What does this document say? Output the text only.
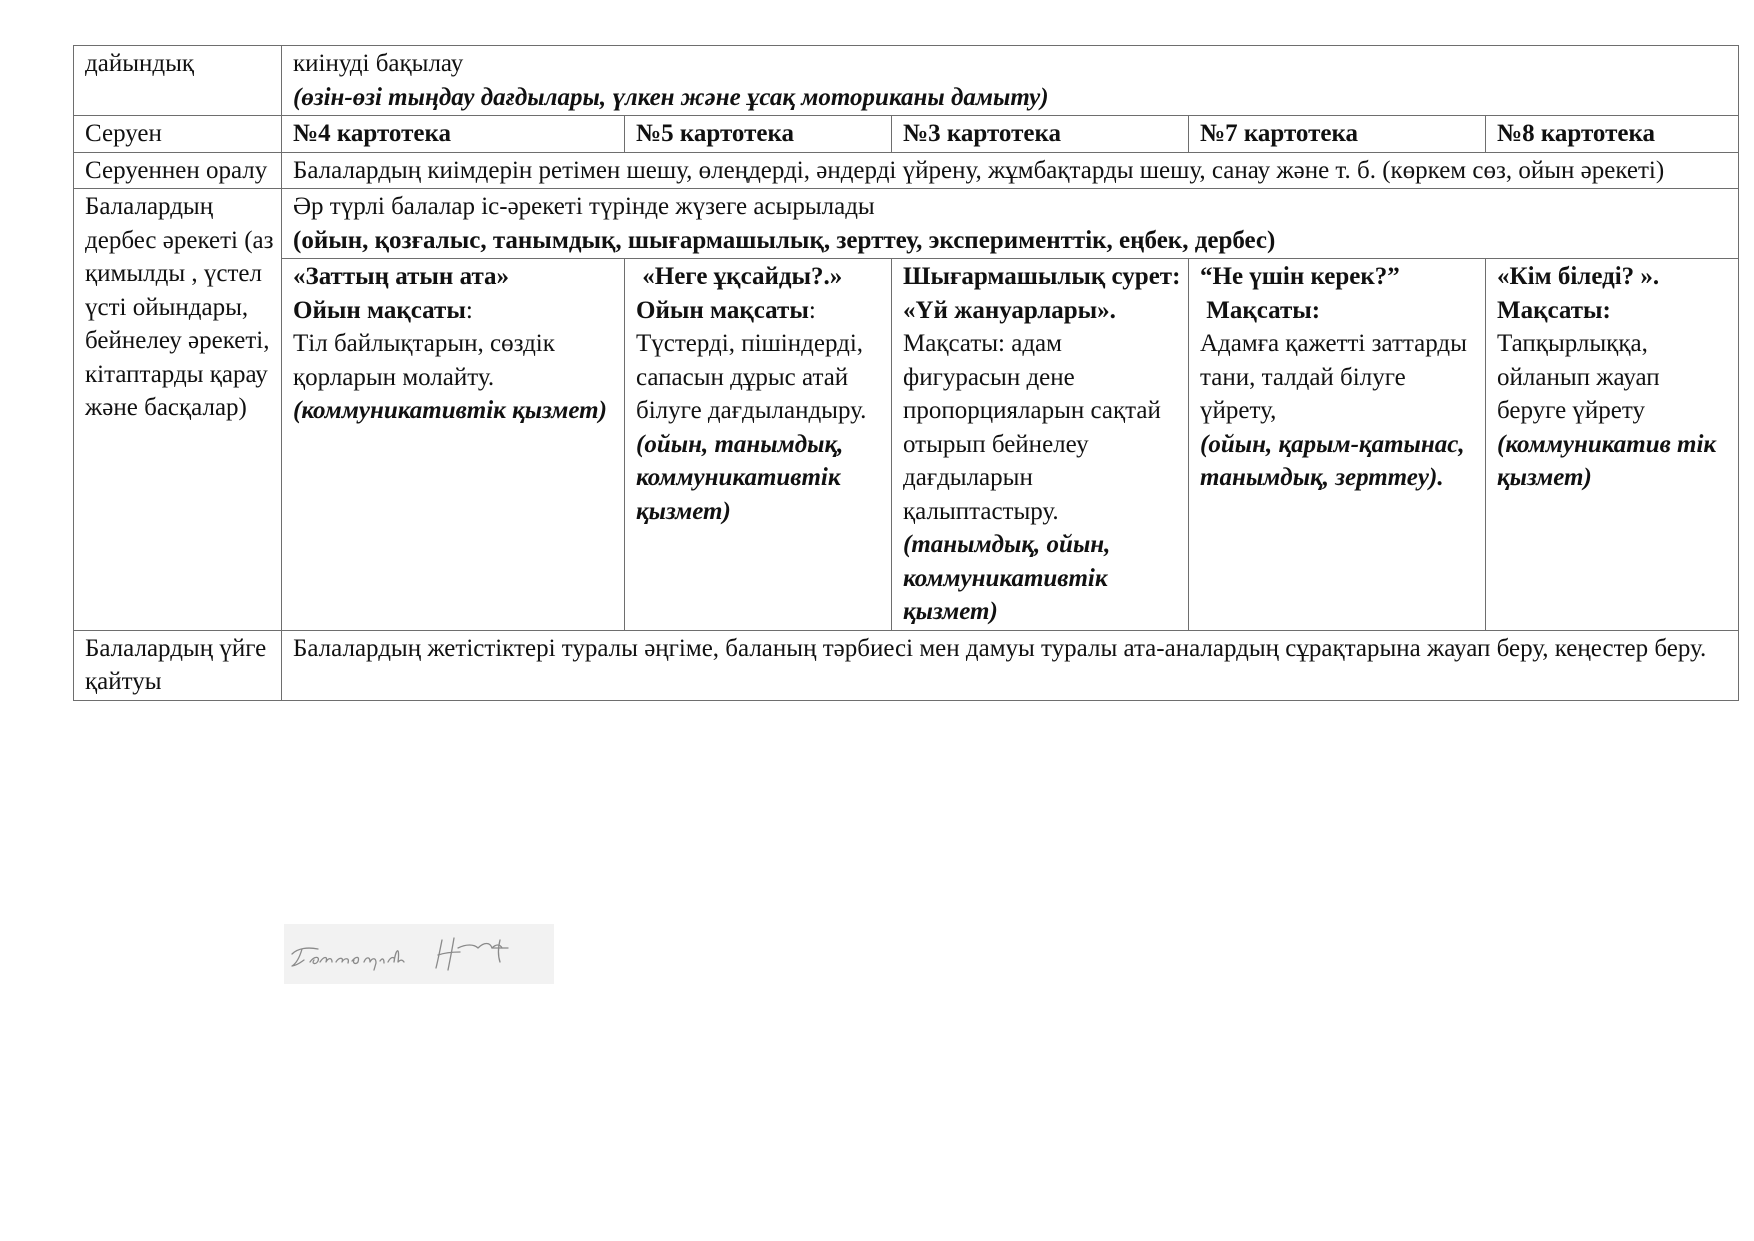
дайындық	киінуді бақылау
(өзін-өзі тыңдау дағдылары, үлкен және ұсақ моториканы дамыту)				

Серуен	№4 картотека	№5 картотека	№3 картотека	№7 картотека	№8 картотека
Серуеннен оралу	Балалардың киімдерін ретімен шешу, өлеңдерді, әндерді үйрену, жұмбақтарды шешу, санау және т. б. (көркем сөз, ойын әрекеті)				
Балалардың дербес әрекеті (аз қимылды , үстел үсті ойындары, бейнелеу әрекеті, кітаптарды қарау және басқалар)	Әр түрлі балалар іс-әрекеті түрінде жүзеге асырылады
(ойын, қозғалыс, танымдық, шығармашылық, зерттеу, эксперименттік, еңбек, дербес)				

	«Заттың атын ата»
Ойын мақсаты:
Тіл байлықтарын, сөздік қорларын молайту.
(коммуникативтік қызмет)	«Неге ұқсайды?.»
Ойын мақсаты:
Түстерді, пішіндерді, сапасын дұрыс атай білуге дағдыландыру.
(ойын, танымдық, коммуникативтік қызмет)	Шығармашылық сурет: «Үй жануарлары».
Мақсаты: адам фигурасын дене пропорцияларын сақтай отырып бейнелеу дағдыларын қалыптастыру.
(танымдық, ойын, коммуникативтік қызмет)	“Не үшін керек?”
Мақсаты:
Адамға қажетті заттарды тани, талдай білуге үйрету,
(ойын, қарым-қатынас, танымдық, зерттеу).	«Кім біледі? ».
Мақсаты:
Тапқырлыққа, ойланып жауап беруге үйрету
(коммуникатив тік қызмет)

Балалардың үйге қайтуы	Балалардың жетістіктері туралы әңгіме, баланың тәрбиесі мен дамуы туралы ата-аналардың сұрақтарына жауап беру, кеңестер беру.				
